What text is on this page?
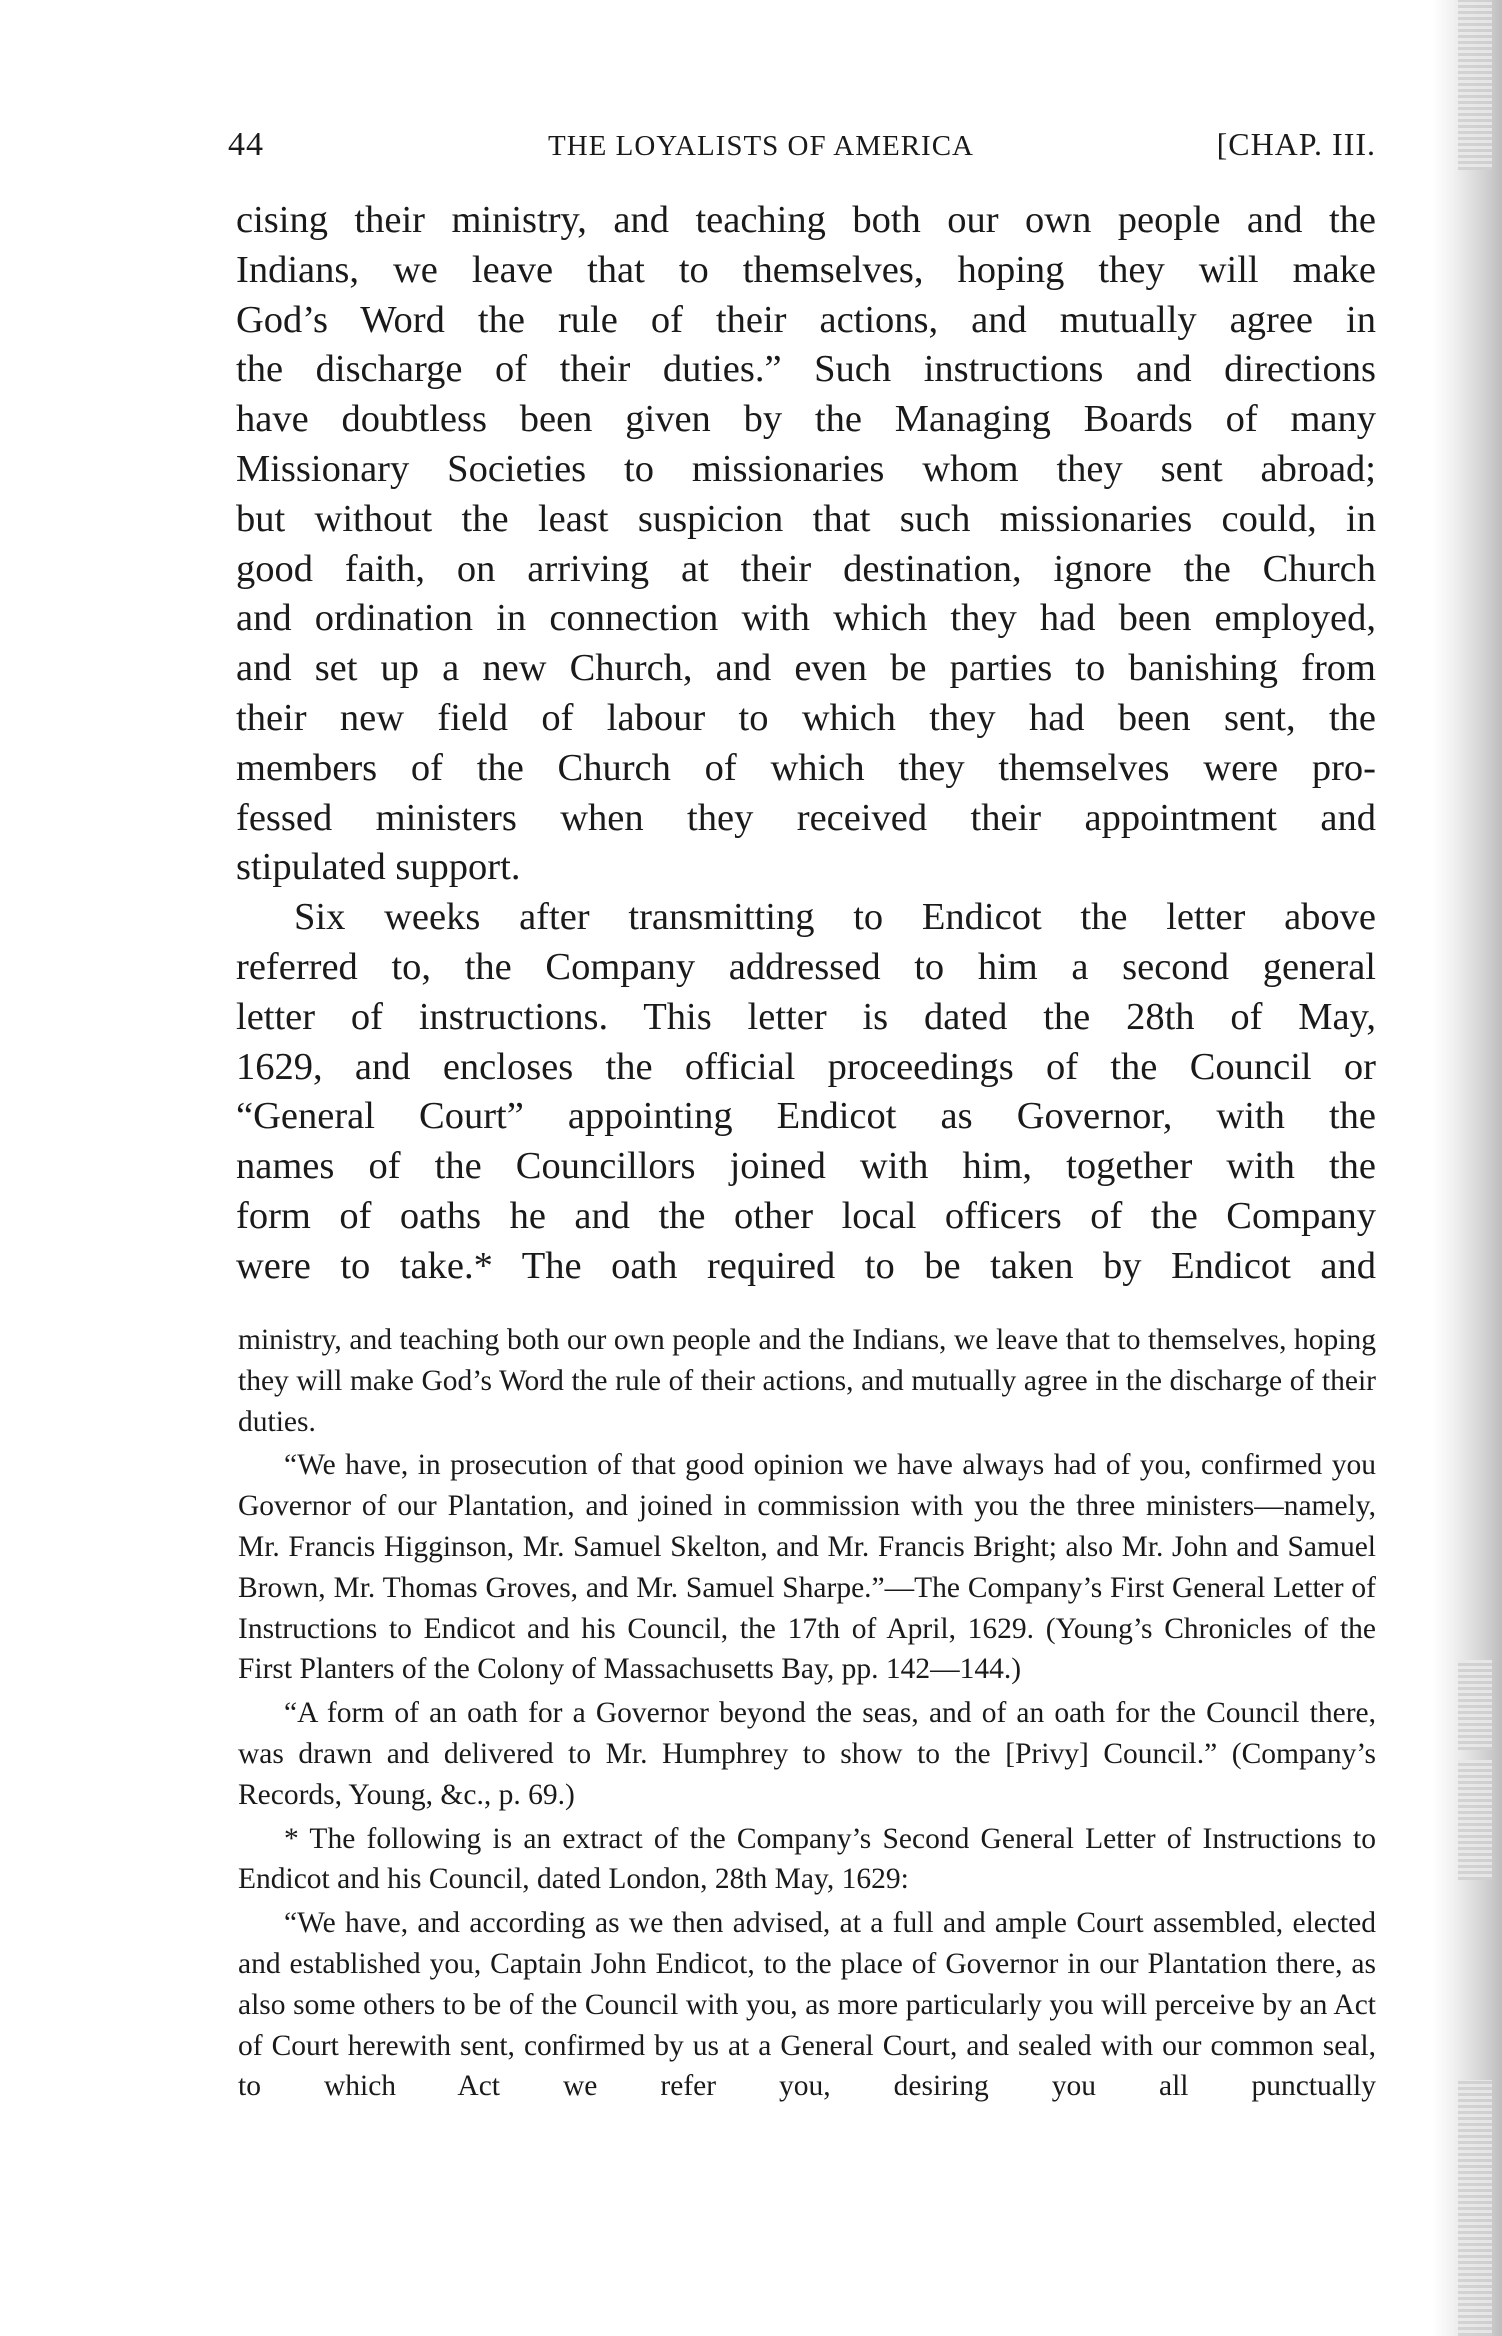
44	THE LOYALISTS OF AMERICA	[CHAP. III.

cising their ministry, and teaching both our own people and the

Indians, we leave that to themselves, hoping they will make

God’s Word the rule of their actions, and mutually agree in

the discharge of their duties.” Such instructions and directions

have doubtless been given by the Managing Boards of many

Missionary Societies to missionaries whom they sent abroad;

but without the least suspicion that such missionaries could, in

good faith, on arriving at their destination, ignore the Church

and ordination in connection with which they had been employed,

and set up a new Church, and even be parties to banishing from

their new field of labour to which they had been sent, the

members of the Church of which they themselves were pro-

fessed ministers when they received their appointment and

stipulated support.

Six weeks after transmitting to Endicot the letter above

referred to, the Company addressed to him a second general

letter of instructions. This letter is dated the 28th of May,

1629, and encloses the official proceedings of the Council or

“General Court” appointing Endicot as Governor, with the

names of the Councillors joined with him, together with the

form of oaths he and the other local officers of the Company

were to take.* The oath required to be taken by Endicot and

ministry, and teaching both our own people and the Indians, we leave that to themselves, hoping they will make God’s Word the rule of their actions, and mutually agree in the discharge of their duties.

“We have, in prosecution of that good opinion we have always had of you, confirmed you Governor of our Plantation, and joined in commission with you the three ministers—namely, Mr. Francis Higginson, Mr. Samuel Skelton, and Mr. Francis Bright; also Mr. John and Samuel Brown, Mr. Thomas Groves, and Mr. Samuel Sharpe.”—The Company’s First General Letter of Instructions to Endicot and his Council, the 17th of April, 1629. (Young’s Chronicles of the First Planters of the Colony of Massachusetts Bay, pp. 142—144.)

“A form of an oath for a Governor beyond the seas, and of an oath for the Council there, was drawn and delivered to Mr. Humphrey to show to the [Privy] Council.” (Company’s Records, Young, &c., p. 69.)

* The following is an extract of the Company’s Second General Letter of Instructions to Endicot and his Council, dated London, 28th May, 1629:

“We have, and according as we then advised, at a full and ample Court assembled, elected and established you, Captain John Endicot, to the place of Governor in our Plantation there, as also some others to be of the Council with you, as more particularly you will perceive by an Act of Court herewith sent, confirmed by us at a General Court, and sealed with our common seal, to which Act we refer you, desiring you all punctually
